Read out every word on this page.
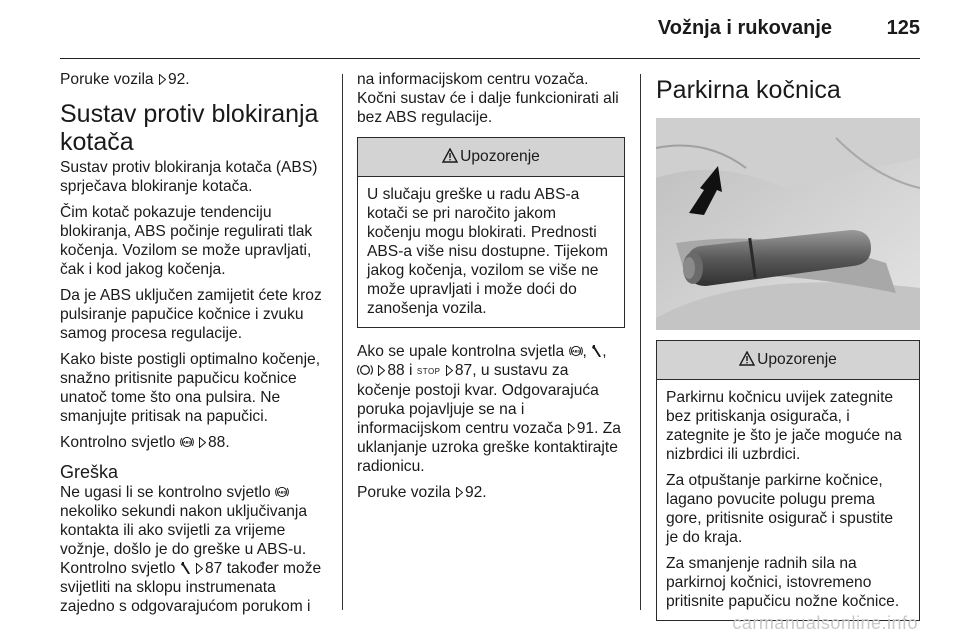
Vožnja i rukovanje	125

Poruke vozila 92.

Sustav protiv blokiranja kotača

Sustav protiv blokiranja kotača (ABS) sprječava blokiranje kotača.

Čim kotač pokazuje tendenciju blokiranja, ABS počinje regulirati tlak kočenja. Vozilom se može upravljati, čak i kod jakog kočenja.

Da je ABS uključen zamijetit ćete kroz pulsiranje papučice kočnice i zvuku samog procesa regulacije.

Kako biste postigli optimalno kočenje, snažno pritisnite papučicu kočnice unatoč tome što ona pulsira. Ne smanjujte pritisak na papučici.

Kontrolno svjetlo ABS 88.

Greška

Ne ugasi li se kontrolno svjetlo ABS
nekoliko sekundi nakon uključivanja kontakta ili ako svijetli za vrijeme vožnje, došlo je do greške u ABS-u. Kontrolno svjetlo 87 također može svijetliti na sklopu instrumenata zajedno s odgovarajućom porukom i

na informacijskom centru vozača. Kočni sustav će i dalje funkcionirati ali bez ABS regulacije.

Upozorenje

U slučaju greške u radu ABS-a kotači se pri naročito jakom kočenju mogu blokirati. Prednosti ABS-a više nisu dostupne. Tijekom jakog kočenja, vozilom se više ne može upravljati i može doći do zanošenja vozila.

Ako se upale kontrolna svjetla ABS , ,  88 i STOP 87, u sustavu za kočenje postoji kvar. Odgovarajuća poruka pojavljuje se na i informacijskom centru vozača 91. Za uklanjanje uzroka greške kontaktirajte radionicu.

Poruke vozila 92.

Parkirna kočnica
Upozorenje

Parkirnu kočnicu uvijek zategnite bez pritiskanja osigurača, i zategnite je što je jače moguće na nizbrdici ili uzbrdici.

Za otpuštanje parkirne kočnice, lagano povucite polugu prema gore, pritisnite osigurač i spustite je do kraja.

Za smanjenje radnih sila na parkirnoj kočnici, istovremeno pritisnite papučicu nožne kočnice.

carmanualsonline.info
